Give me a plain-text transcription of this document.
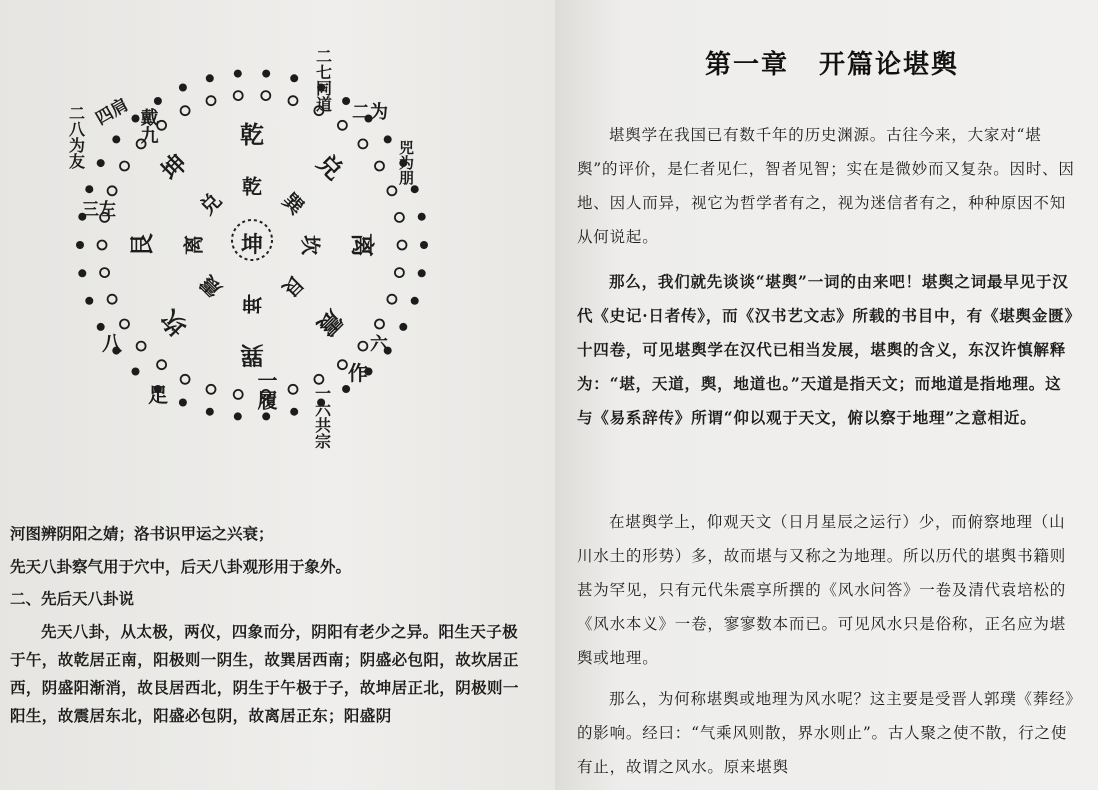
坤
乾
巽
坎
艮
坤
震
离
兑
乾
兑
离
震
巽
坎
艮
坤
戴九
二七同道
二为
兕为朋
四肩
二八为友
三左
八
足	一履
六
作
一六共宗
河图辨阴阳之婧；洛书识甲运之兴衰；
先天八卦察气用于穴中，后天八卦观形用于象外。
二、先后天八卦说
先天八卦，从太极，两仪，四象而分，阴阳有老少之异。阳生天子极于午，故乾居正南，阳极则一阴生，故巽居西南；阴盛必包阳，故坎居正西，阴盛阳渐消，故艮居西北，阴生于午极于子，故坤居正北，阴极则一阳生，故震居东北，阳盛必包阴，故离居正东；阳盛阴
第一章 开篇论堪舆
堪舆学在我国已有数千年的历史渊源。古往今来，大家对“堪舆”的评价，是仁者见仁，智者见智；实在是微妙而又复杂。因时、因地、因人而异，视它为哲学者有之，视为迷信者有之，种种原因不知从何说起。
那么，我们就先谈谈“堪舆”一词的由来吧！堪舆之词最早见于汉代《史记·日者传》，而《汉书艺文志》所载的书目中，有《堪舆金匮》十四卷，可见堪舆学在汉代已相当发展，堪舆的含义，东汉许慎解释为：“堪，天道，舆，地道也。”天道是指天文；而地道是指地理。这与《易系辞传》所谓“仰以观于天文，俯以察于地理”之意相近。
在堪舆学上，仰观天文（日月星辰之运行）少，而俯察地理（山川水土的形势）多，故而堪与又称之为地理。所以历代的堪舆书籍则甚为罕见，只有元代朱震享所撰的《风水问答》一卷及清代袁培松的《风水本义》一卷，寥寥数本而已。可见风水只是俗称，正名应为堪舆或地理。
那么，为何称堪舆或地理为风水呢？这主要是受晋人郭璞《葬经》的影响。经曰：“气乘风则散，界水则止”。古人聚之使不散，行之使有止，故谓之风水。原来堪舆
